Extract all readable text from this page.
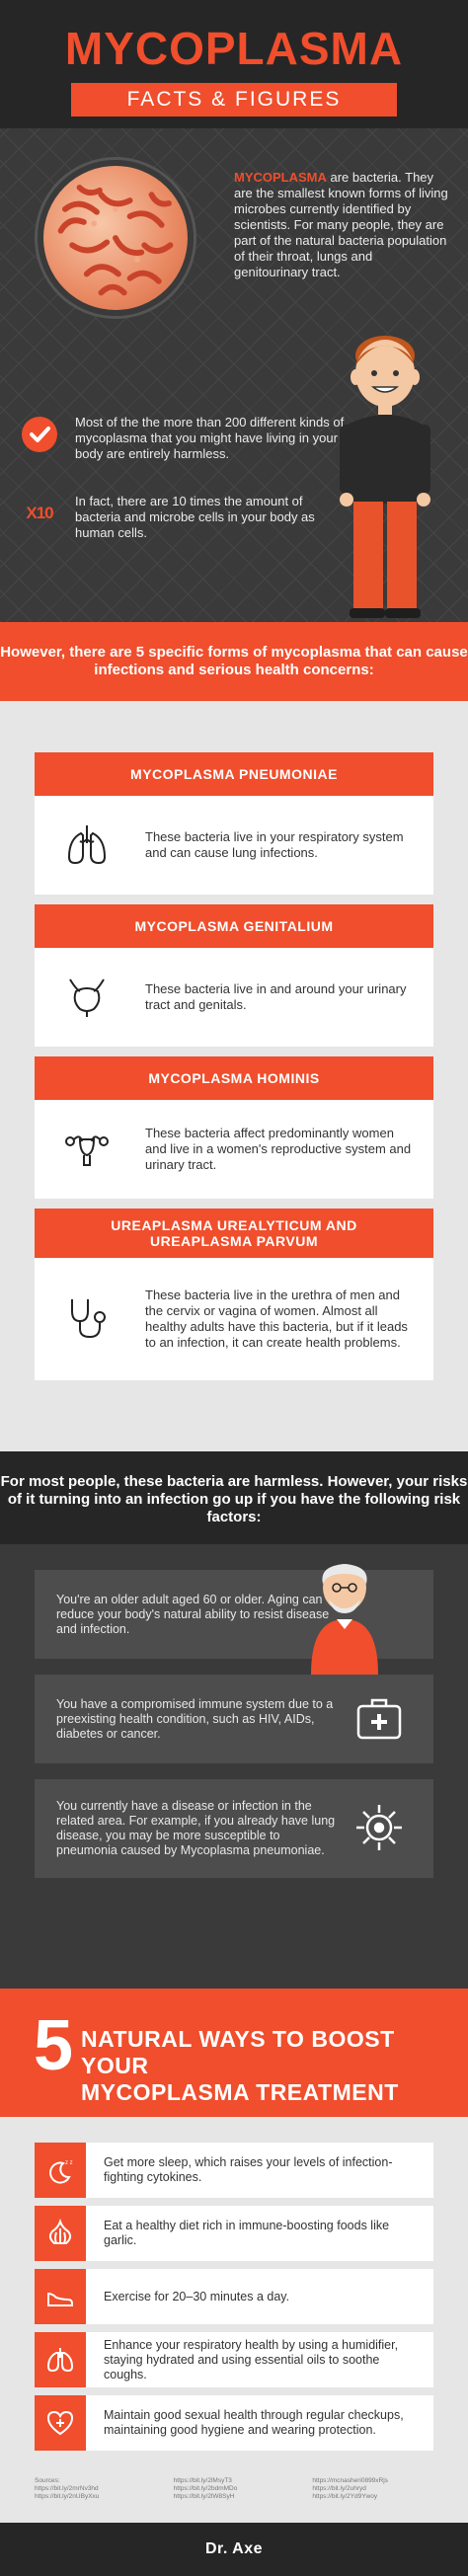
MYCOPLASMA
FACTS & FIGURES

MYCOPLASMA are bacteria. They are the smallest known forms of living microbes currently identified by scientists. For many people, they are part of the natural bacteria population of their throat, lungs and genitourinary tract.

Most of the the more than 200 different kinds of mycoplasma that you might have living in your body are entirely harmless.

X10

In fact, there are 10 times the amount of bacteria and microbe cells in your body as human cells.

However, there are 5 specific forms of mycoplasma that can cause infections and serious health concerns:
MYCOPLASMA PNEUMONIAE

These bacteria live in your respiratory system and can cause lung infections.

MYCOPLASMA GENITALIUM

These bacteria live in and around your urinary tract and genitals.

MYCOPLASMA HOMINIS

These bacteria affect predominantly women and live in a women's reproductive system and urinary tract.

UREAPLASMA UREALYTICUM AND UREAPLASMA PARVUM

These bacteria live in the urethra of men and the cervix or vagina of women. Almost all healthy adults have this bacteria, but if it leads to an infection, it can create health problems.

For most people, these bacteria are harmless. However, your risks of it turning into an infection go up if you have the following risk factors:

You're an older adult aged 60 or older. Aging can reduce your body's natural ability to resist disease and infection.

You have a compromised immune system due to a preexisting health condition, such as HIV, AIDs, diabetes or cancer.

You currently have a disease or infection in the related area. For example, if you already have lung disease, you may be more susceptible to pneumonia caused by Mycoplasma pneumoniae.

5 NATURAL WAYS TO BOOST YOUR
MYCOPLASMA TREATMENT
z z	Get more sleep, which raises your levels of infection-fighting cytokines.

Eat a healthy diet rich in immune-boosting foods like garlic.

Exercise for 20–30 minutes a day.

Enhance your respiratory health by using a humidifier, staying hydrated and using essential oils to soothe coughs.

Maintain good sexual health through regular checkups, maintaining good hygiene and wearing protection.

Sources:
https://bit.ly/2mrNv3hd
https://bit.ly/2nUByXxu
https://bit.ly/2lMsyT3
https://bit.ly/2bdmMDo
https://bit.ly/2lW8SyH
https://mcnasheri0899xRjs
https://bit.ly/2uhryd
https://bit.ly/2Yd9Ywoy
Dr. Axe
